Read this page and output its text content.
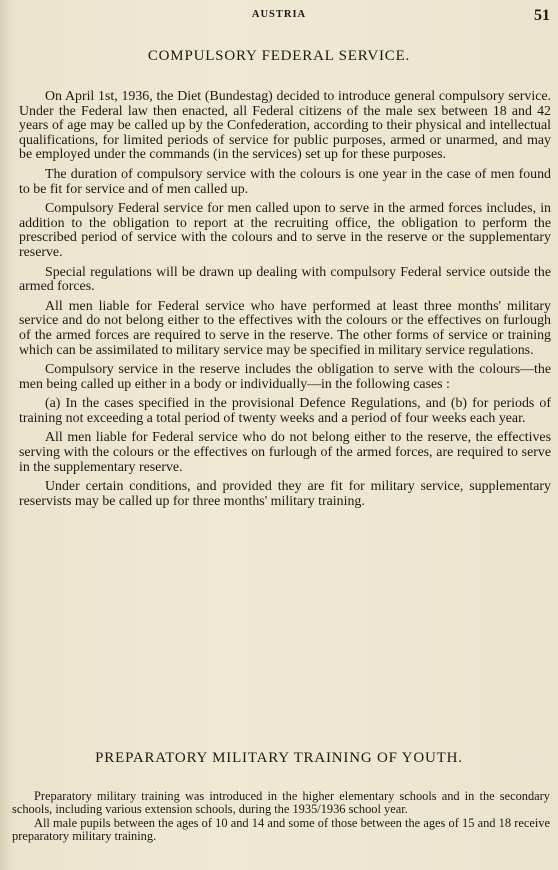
AUSTRIA	51
COMPULSORY FEDERAL SERVICE.

On April 1st, 1936, the Diet (Bundestag) decided to introduce general compulsory service. Under the Federal law then enacted, all Federal citizens of the male sex between 18 and 42 years of age may be called up by the Confederation, according to their physical and intellectual qualifications, for limited periods of service for public purposes, armed or unarmed, and may be employed under the commands (in the services) set up for these purposes.

The duration of compulsory service with the colours is one year in the case of men found to be fit for service and of men called up.

Compulsory Federal service for men called upon to serve in the armed forces includes, in addition to the obligation to report at the recruiting office, the obligation to perform the prescribed period of service with the colours and to serve in the reserve or the supplementary reserve.

Special regulations will be drawn up dealing with compulsory Federal service outside the armed forces.

All men liable for Federal service who have performed at least three months' military service and do not belong either to the effectives with the colours or the effectives on furlough of the armed forces are required to serve in the reserve. The other forms of service or training which can be assimilated to military service may be specified in military service regulations.

Compulsory service in the reserve includes the obligation to serve with the colours—the men being called up either in a body or individually—in the following cases :

(a) In the cases specified in the provisional Defence Regulations, and (b) for periods of training not exceeding a total period of twenty weeks and a period of four weeks each year.

All men liable for Federal service who do not belong either to the reserve, the effectives serving with the colours or the effectives on furlough of the armed forces, are required to serve in the supplementary reserve.

Under certain conditions, and provided they are fit for military service, supplementary reservists may be called up for three months' military training.

PREPARATORY MILITARY TRAINING OF YOUTH.

Preparatory military training was introduced in the higher elementary schools and in the secondary schools, including various extension schools, during the 1935/1936 school year.

All male pupils between the ages of 10 and 14 and some of those between the ages of 15 and 18 receive preparatory military training.
